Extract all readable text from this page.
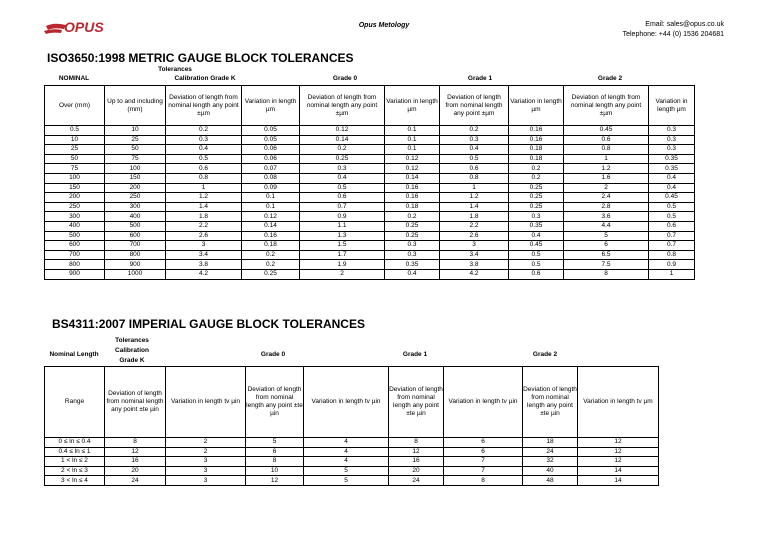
OPUS	Opus Metology	Email: sales@opus.co.uk
Telephone: +44 (0) 1536 204681
ISO3650:1998 METRIC GAUGE BLOCK TOLERANCES
Tolerances
NOMINAL	Calibration Grade K	Grade 0	Grade 1	Grade 2
Over (mm)	Up to and including (mm)	Deviation of length from nominal length any point ±µm	Variation in length µm	Deviation of length from nominal length any point ±µm	Variation in length µm	Deviation of length from nominal length any point ±µm	Variation in length µm	Deviation of length from nominal length any point ±µm	Variation in length µm
0.5	10	0.2	0.05	0.12	0.1	0.2	0.16	0.45	0.3
10	25	0.3	0.05	0.14	0.1	0.3	0.16	0.6	0.3
25	50	0.4	0.06	0.2	0.1	0.4	0.18	0.8	0.3
50	75	0.5	0.06	0.25	0.12	0.5	0.18	1	0.35
75	100	0.6	0.07	0.3	0.12	0.6	0.2	1.2	0.35
100	150	0.8	0.08	0.4	0.14	0.8	0.2	1.6	0.4
150	200	1	0.09	0.5	0.16	1	0.25	2	0.4
200	250	1.2	0.1	0.6	0.16	1.2	0.25	2.4	0.45
250	300	1.4	0.1	0.7	0.18	1.4	0.25	2.8	0.5
300	400	1.8	0.12	0.9	0.2	1.8	0.3	3.6	0.5
400	500	2.2	0.14	1.1	0.25	2.2	0.35	4.4	0.6
500	600	2.6	0.16	1.3	0.25	2.6	0.4	5	0.7
600	700	3	0.18	1.5	0.3	3	0.45	6	0.7
700	800	3.4	0.2	1.7	0.3	3.4	0.5	6.5	0.8
800	900	3.8	0.2	1.9	0.35	3.8	0.5	7.5	0.9
900	1000	4.2	0.25	2	0.4	4.2	0.6	8	1
BS4311:2007 IMPERIAL GAUGE BLOCK TOLERANCES
Tolerances
Calibration
Grade K
Nominal Length	Grade 0	Grade 1	Grade 2
Range	Deviation of length from nominal length any point ±te µin	Variation in length tv µin	Deviation of length from nominal length any point ±te µin	Variation in length tv µin	Deviation of length from nominal length any point ±te µin	Variation in length tv µin	Deviation of length from nominal length any point ±te µin	Variation in length tv µm
0 ≤ ln ≤ 0.4	8	2	5	4	8	6	18	12
0.4 ≤ ln ≤ 1	12	2	6	4	12	6	24	12
1 < ln ≤ 2	16	3	8	4	16	7	32	12
2 < ln ≤ 3	20	3	10	5	20	7	40	14
3 < ln ≤ 4	24	3	12	5	24	8	48	14
